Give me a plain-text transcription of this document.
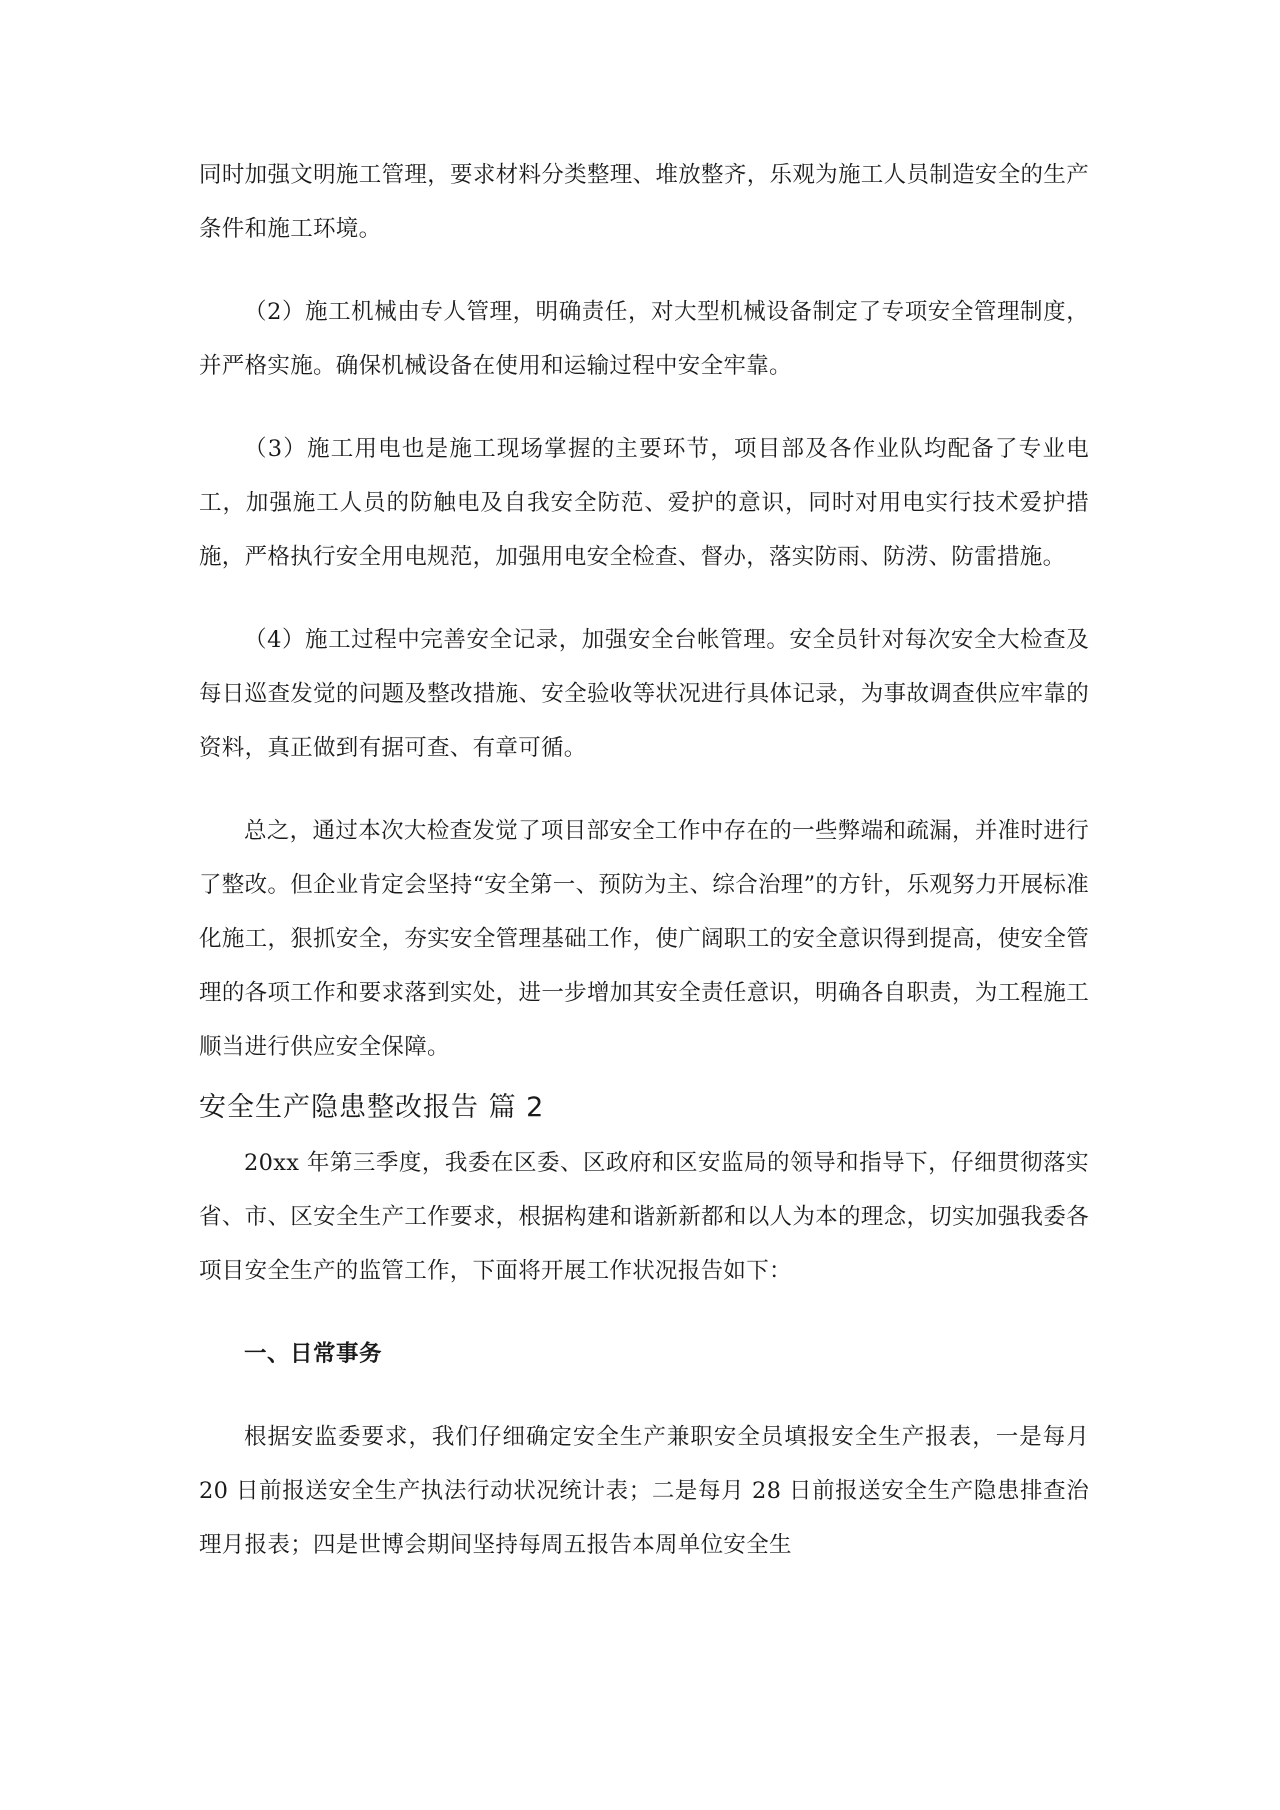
同时加强文明施工管理，要求材料分类整理、堆放整齐，乐观为施工人员制造安全的生产条件和施工环境。

（2）施工机械由专人管理，明确责任，对大型机械设备制定了专项安全管理制度，并严格实施。确保机械设备在使用和运输过程中安全牢靠。

（3）施工用电也是施工现场掌握的主要环节，项目部及各作业队均配备了专业电工，加强施工人员的防触电及自我安全防范、爱护的意识，同时对用电实行技术爱护措施，严格执行安全用电规范，加强用电安全检查、督办，落实防雨、防涝、防雷措施。

（4）施工过程中完善安全记录，加强安全台帐管理。安全员针对每次安全大检查及每日巡查发觉的问题及整改措施、安全验收等状况进行具体记录，为事故调查供应牢靠的资料，真正做到有据可查、有章可循。

总之，通过本次大检查发觉了项目部安全工作中存在的一些弊端和疏漏，并准时进行了整改。但企业肯定会坚持“安全第一、预防为主、综合治理”的方针，乐观努力开展标准化施工，狠抓安全，夯实安全管理基础工作，使广阔职工的安全意识得到提高，使安全管理的各项工作和要求落到实处，进一步增加其安全责任意识，明确各自职责，为工程施工顺当进行供应安全保障。

安全生产隐患整改报告 篇 2

20xx 年第三季度，我委在区委、区政府和区安监局的领导和指导下，仔细贯彻落实省、市、区安全生产工作要求，根据构建和谐新新都和以人为本的理念，切实加强我委各项目安全生产的监管工作，下面将开展工作状况报告如下：

一、日常事务

根据安监委要求，我们仔细确定安全生产兼职安全员填报安全生产报表，一是每月 20 日前报送安全生产执法行动状况统计表；二是每月 28 日前报送安全生产隐患排查治理月报表；四是世博会期间坚持每周五报告本周单位安全生
